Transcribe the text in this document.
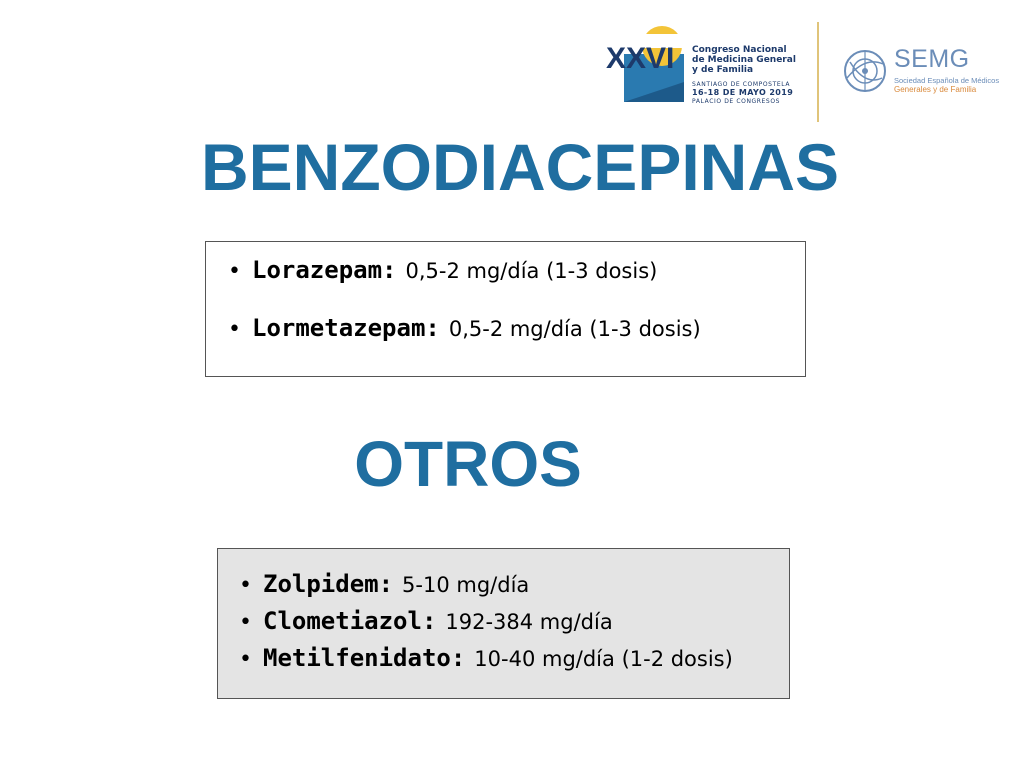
XXVI Congreso Nacional
de Medicina General
y de Familia
SANTIAGO DE COMPOSTELA
16-18 DE MAYO 2019
PALACIO DE CONGRESOS
SEMG
Sociedad Española de Médicos
Generales y de Familia
BENZODIACEPINAS
• Lorazepam: 0,5-2 mg/día (1-3 dosis)
• Lormetazepam: 0,5-2 mg/día (1-3 dosis)
OTROS
• Zolpidem: 5-10 mg/día
• Clometiazol: 192-384 mg/día
• Metilfenidato: 10-40 mg/día (1-2 dosis)
